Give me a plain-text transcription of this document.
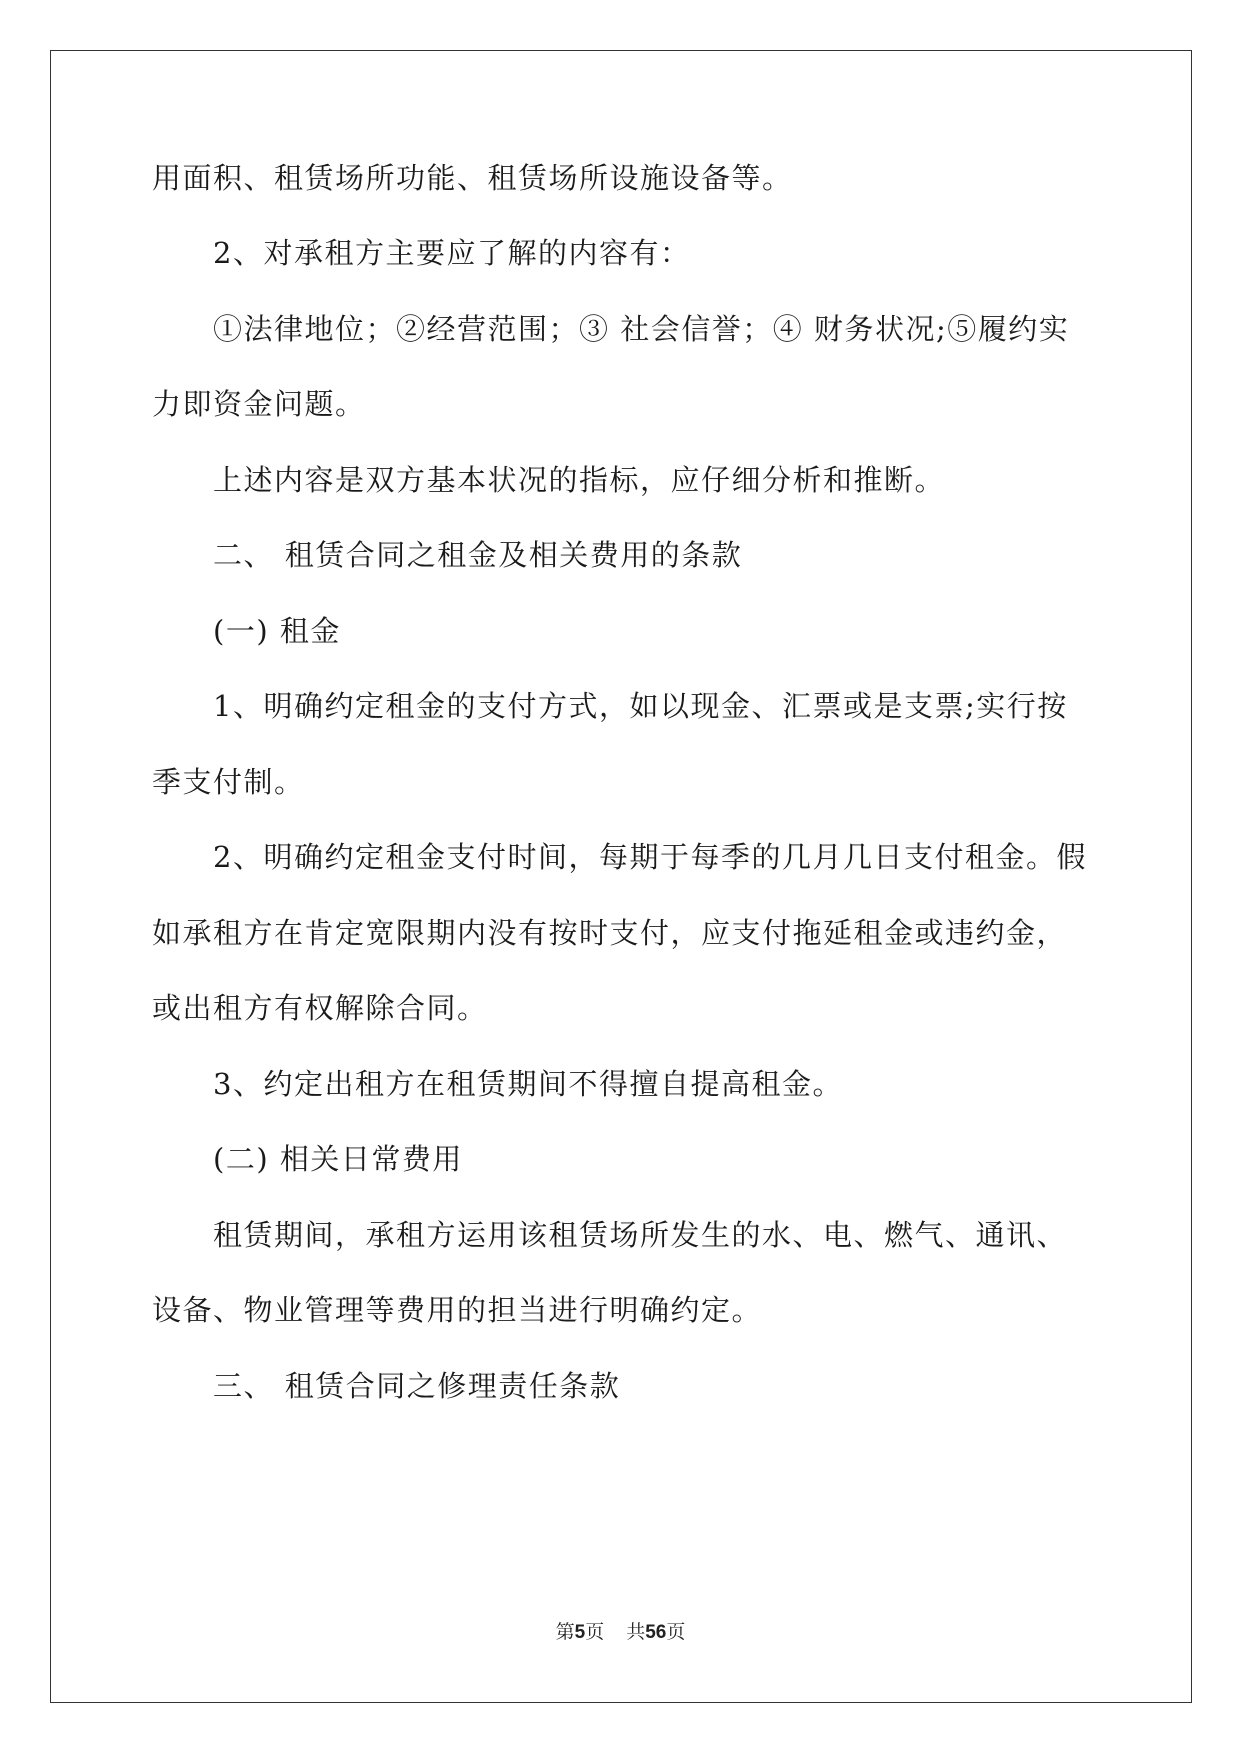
用面积、租赁场所功能、租赁场所设施设备等。
2、对承租方主要应了解的内容有：
①法律地位；②经营范围；③ 社会信誉；④ 财务状况;⑤履约实
力即资金问题。
上述内容是双方基本状况的指标，应仔细分析和推断。
二、 租赁合同之租金及相关费用的条款
(一) 租金
1、明确约定租金的支付方式，如以现金、汇票或是支票;实行按
季支付制。
2、明确约定租金支付时间，每期于每季的几月几日支付租金。假
如承租方在肯定宽限期内没有按时支付，应支付拖延租金或违约金，
或出租方有权解除合同。
3、约定出租方在租赁期间不得擅自提高租金。
(二) 相关日常费用
租赁期间，承租方运用该租赁场所发生的水、电、燃气、通讯、
设备、物业管理等费用的担当进行明确约定。
三、 租赁合同之修理责任条款
第5页 共56页
